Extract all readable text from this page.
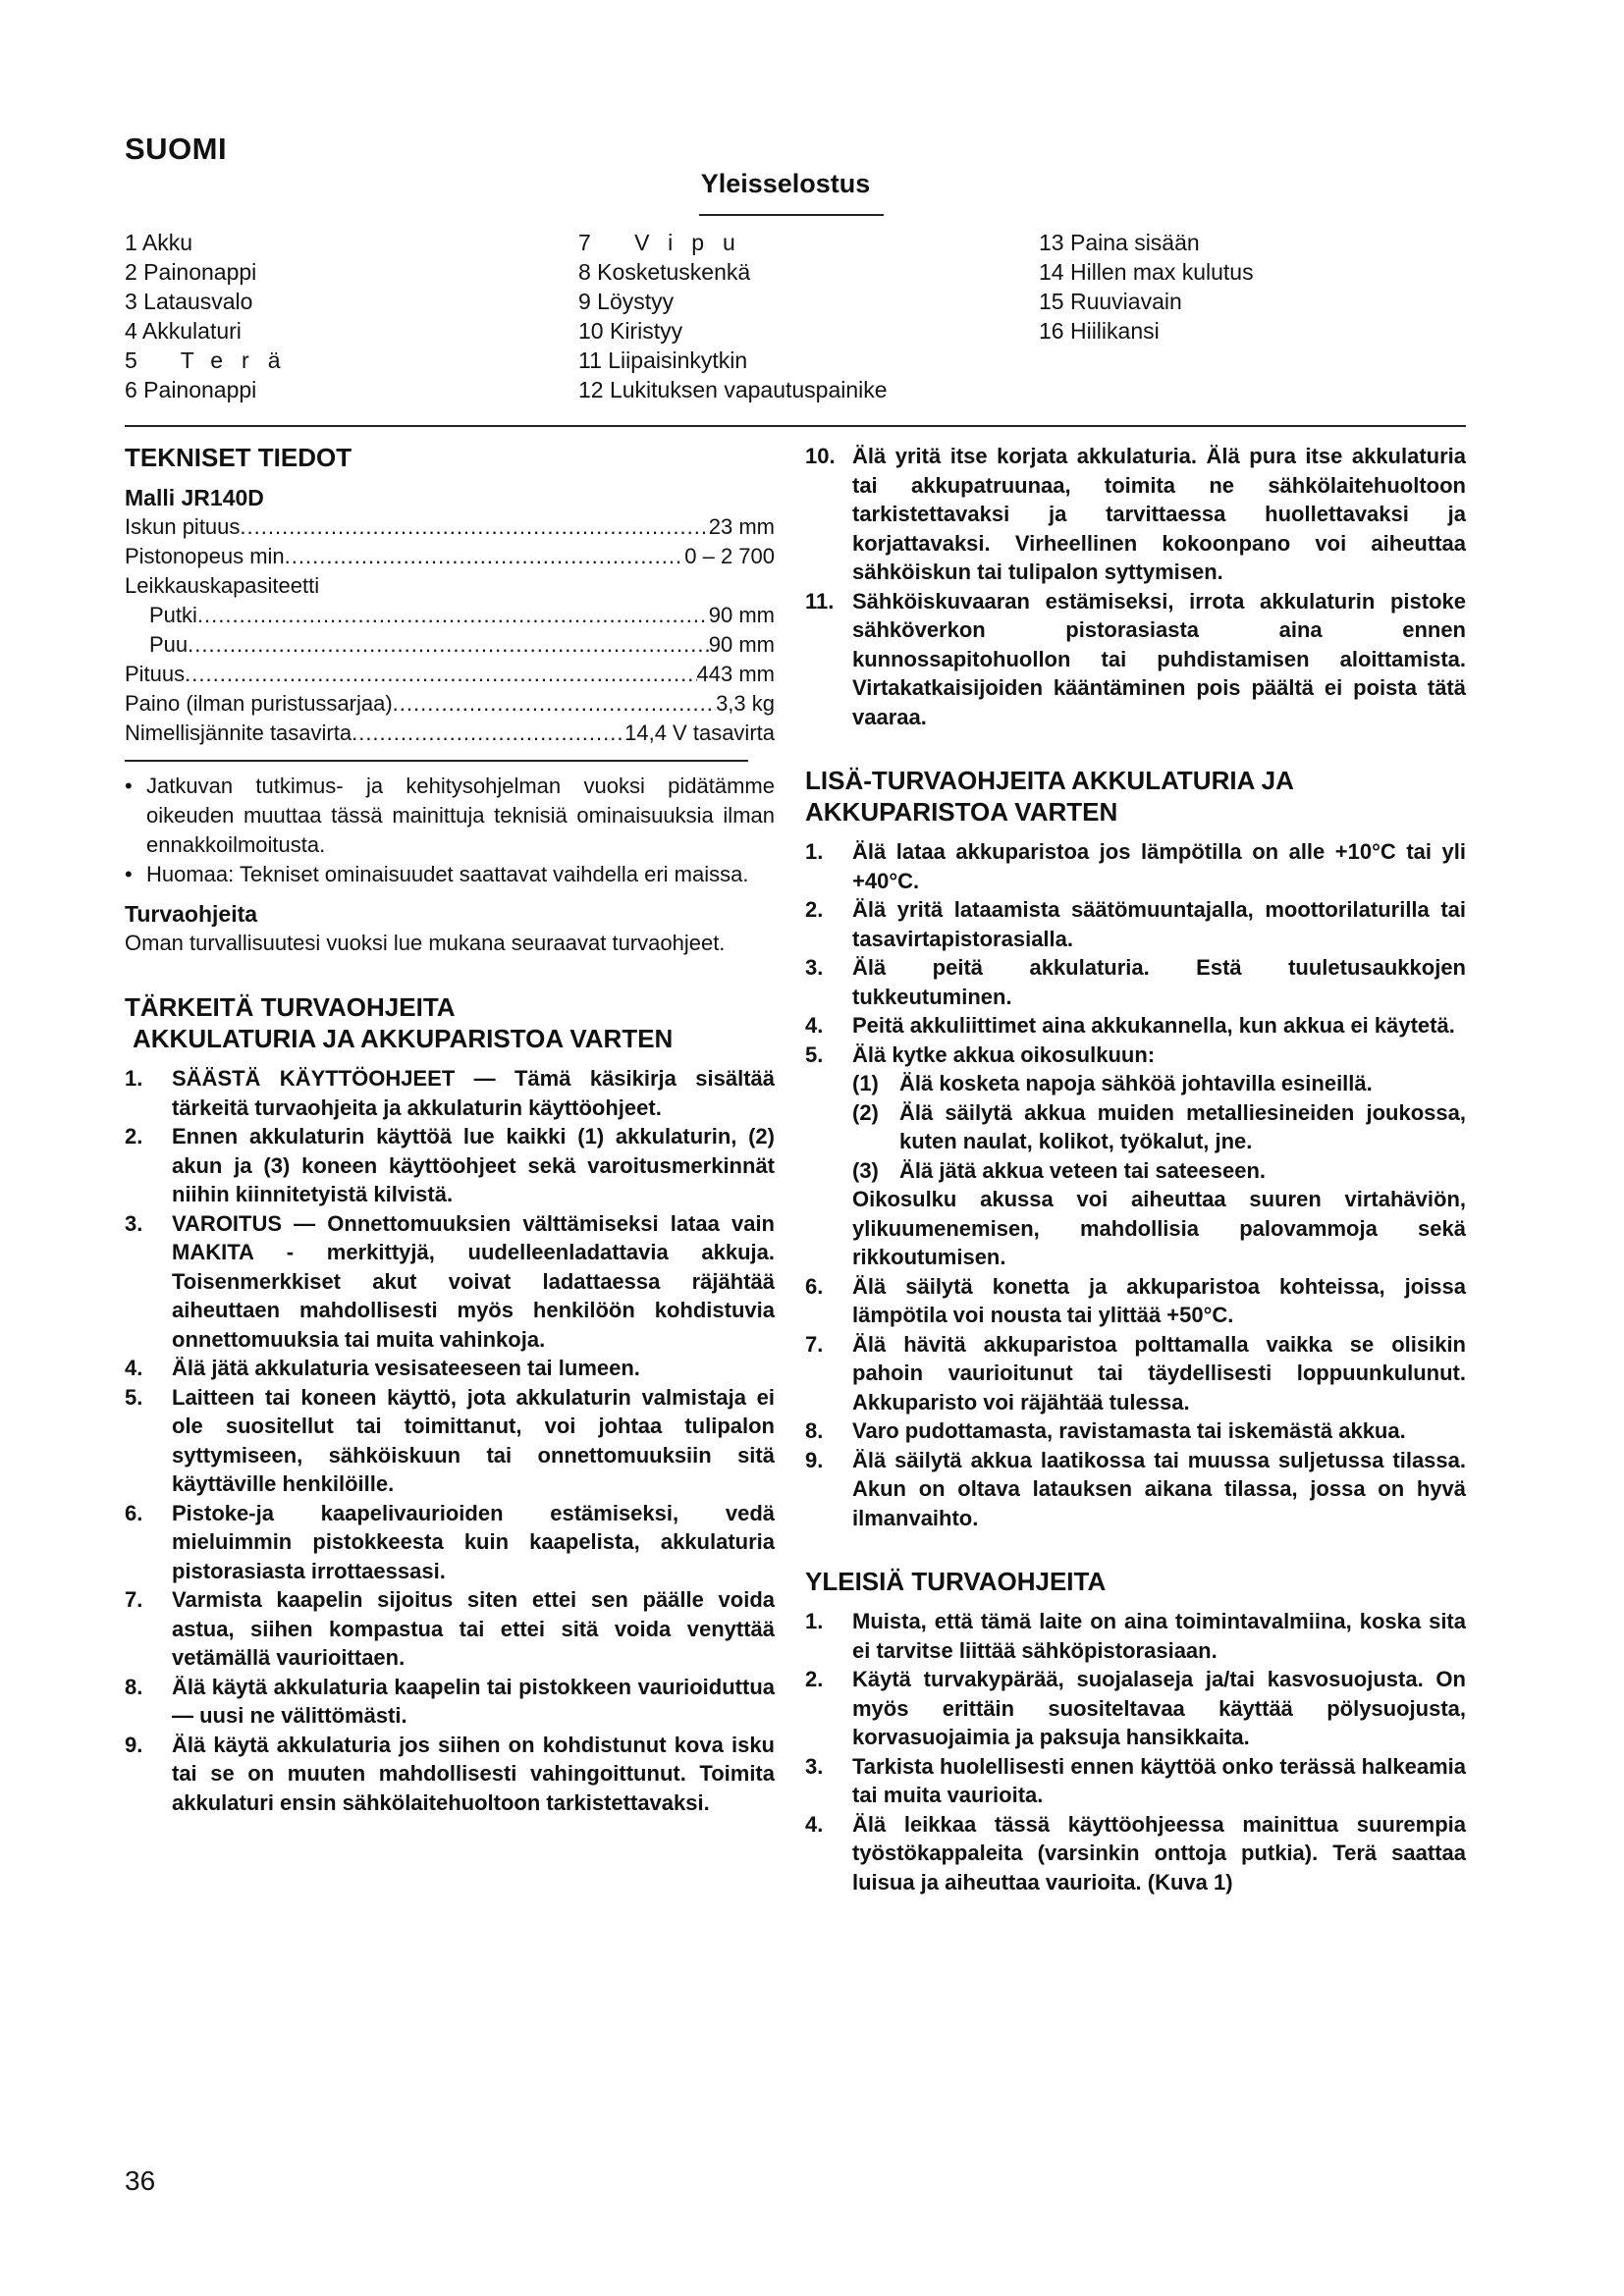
SUOMI
Yleisselostus
1 Akku
2 Painonappi
3 Latausvalo
4 Akkulaturi
5 Terä
6 Painonappi
7 Vipu
8 Kosketuskenkä
9 Löystyy
10 Kiristyy
11 Liipaisinkytkin
12 Lukituksen vapautuspainike
13 Paina sisään
14 Hillen max kulutus
15 Ruuviavain
16 Hiilikansi
TEKNISET TIEDOT
Malli JR140D
Iskun pituus .....	23 mm
Pistonopeus min .....	0 – 2 700
Leikkauskapasiteetti
Putki .....	90 mm
Puu .....	90 mm
Pituus .....	443 mm
Paino (ilman puristussarjaa) .....	3,3 kg
Nimellisjännite tasavirta .....	14,4 V tasavirta
• Jatkuvan tutkimus- ja kehitysohjelman vuoksi pidätämme oikeuden muuttaa tässä mainittuja teknisiä ominaisuuksia ilman ennakkoilmoitusta.
• Huomaa: Tekniset ominaisuudet saattavat vaihdella eri maissa.
Turvaohjeita

Oman turvallisuutesi vuoksi lue mukana seuraavat turvaohjeet.

TÄRKEITÄ TURVAOHJEITA
AKKULATURIA JA AKKUPARISTOA VARTEN
1.	SÄÄSTÄ KÄYTTÖOHJEET — Tämä käsikirja sisältää tärkeitä turvaohjeita ja akkulaturin käyttöohjeet.
2.	Ennen akkulaturin käyttöä lue kaikki (1) akkulaturin, (2) akun ja (3) koneen käyttöohjeet sekä varoitusmerkinnät niihin kiinnitetyistä kilvistä.
3.	VAROITUS — Onnettomuuksien välttämiseksi lataa vain MAKITA - merkittyjä, uudelleenladattavia akkuja. Toisenmerkkiset akut voivat ladattaessa räjähtää aiheuttaen mahdollisesti myös henkilöön kohdistuvia onnettomuuksia tai muita vahinkoja.
4.	Älä jätä akkulaturia vesisateeseen tai lumeen.
5.	Laitteen tai koneen käyttö, jota akkulaturin valmistaja ei ole suositellut tai toimittanut, voi johtaa tulipalon syttymiseen, sähköiskuun tai onnettomuuksiin sitä käyttäville henkilöille.
6.	Pistoke-ja kaapelivaurioiden estämiseksi, vedä mieluimmin pistokkeesta kuin kaapelista, akkulaturia pistorasiasta irrottaessasi.
7.	Varmista kaapelin sijoitus siten ettei sen päälle voida astua, siihen kompastua tai ettei sitä voida venyttää vetämällä vaurioittaen.
8.	Älä käytä akkulaturia kaapelin tai pistokkeen vaurioiduttua — uusi ne välittömästi.
9.	Älä käytä akkulaturia jos siihen on kohdistunut kova isku tai se on muuten mahdollisesti vahingoittunut. Toimita akkulaturi ensin sähkölaitehuoltoon tarkistettavaksi.
10. Älä yritä itse korjata akkulaturia. Älä pura itse akkulaturia tai akkupatruunaa, toimita ne sähkölaitehuoltoon tarkistettavaksi ja tarvittaessa huollettavaksi ja korjattavaksi. Virheellinen kokoonpano voi aiheuttaa sähköiskun tai tulipalon syttymisen.
11. Sähköiskuvaaran estämiseksi, irrota akkulaturin pistoke sähköverkon pistorasiasta aina ennen kunnossapitohuollon tai puhdistamisen aloittamista. Virtakatkaisijoiden kääntäminen pois päältä ei poista tätä vaaraa.
LISÄ-TURVAOHJEITA AKKULATURIA JA
AKKUPARISTOA VARTEN
1.	Älä lataa akkuparistoa jos lämpötilla on alle +10°C tai yli +40°C.
2.	Älä yritä lataamista säätömuuntajalla, moottorilaturilla tai tasavirtapistorasialla.
3.	Älä peitä akkulaturia. Estä tuuletusaukkojen tukkeutuminen.
4.	Peitä akkuliittimet aina akkukannella, kun akkua ei käytetä.
5.	Älä kytke akkua oikosulkuun:
(1) Älä kosketa napoja sähköä johtavilla esineillä.
(2) Älä säilytä akkua muiden metalliesineiden joukossa, kuten naulat, kolikot, työkalut, jne.
(3) Älä jätä akkua veteen tai sateeseen.
Oikosulku akussa voi aiheuttaa suuren virtahäviön, ylikuumenemisen, mahdollisia palovammoja sekä rikkoutumisen.
6.	Älä säilytä konetta ja akkuparistoa kohteissa, joissa lämpötila voi nousta tai ylittää +50°C.
7.	Älä hävitä akkuparistoa polttamalla vaikka se olisikin pahoin vaurioitunut tai täydellisesti loppuunkulunut. Akkuparisto voi räjähtää tulessa.
8.	Varo pudottamasta, ravistamasta tai iskemästä akkua.
9.	Älä säilytä akkua laatikossa tai muussa suljetussa tilassa. Akun on oltava latauksen aikana tilassa, jossa on hyvä ilmanvaihto.
YLEISIÄ TURVAOHJEITA
1.	Muista, että tämä laite on aina toimintavalmiina, koska sita ei tarvitse liittää sähköpistorasiaan.
2.	Käytä turvakypärää, suojalaseja ja/tai kasvosuojusta. On myös erittäin suositeltavaa käyttää pölysuojusta, korvasuojaimia ja paksuja hansikkaita.
3.	Tarkista huolellisesti ennen käyttöä onko terässä halkeamia tai muita vaurioita.
4.	Älä leikkaa tässä käyttöohjeessa mainittua suurempia työstökappaleita (varsinkin onttoja putkia). Terä saattaa luisua ja aiheuttaa vaurioita. (Kuva 1)
36
